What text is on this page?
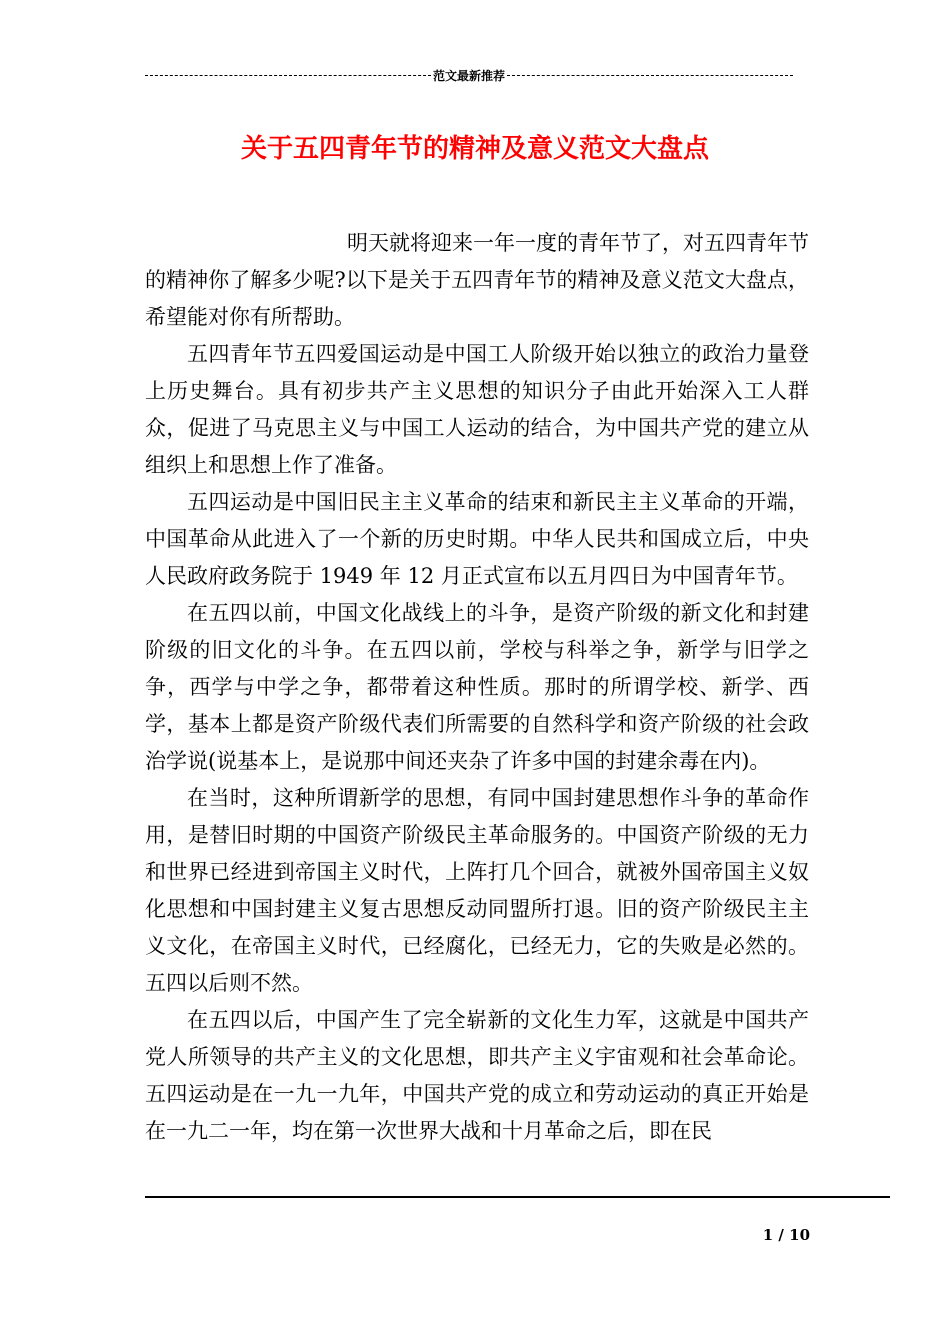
范文最新推荐
关于五四青年节的精神及意义范文大盘点

明天就将迎来一年一度的青年节了，对五四青年节的精神你了解多少呢?以下是关于五四青年节的精神及意义范文大盘点，希望能对你有所帮助。

五四青年节五四爱国运动是中国工人阶级开始以独立的政治力量登上历史舞台。具有初步共产主义思想的知识分子由此开始深入工人群众，促进了马克思主义与中国工人运动的结合，为中国共产党的建立从组织上和思想上作了准备。

五四运动是中国旧民主主义革命的结束和新民主主义革命的开端，中国革命从此进入了一个新的历史时期。中华人民共和国成立后，中央人民政府政务院于 1949 年 12 月正式宣布以五月四日为中国青年节。

在五四以前，中国文化战线上的斗争，是资产阶级的新文化和封建阶级的旧文化的斗争。在五四以前，学校与科举之争，新学与旧学之争，西学与中学之争，都带着这种性质。那时的所谓学校、新学、西学，基本上都是资产阶级代表们所需要的自然科学和资产阶级的社会政治学说(说基本上，是说那中间还夹杂了许多中国的封建余毒在内)。

在当时，这种所谓新学的思想，有同中国封建思想作斗争的革命作用，是替旧时期的中国资产阶级民主革命服务的。中国资产阶级的无力和世界已经进到帝国主义时代，上阵打几个回合，就被外国帝国主义奴化思想和中国封建主义复古思想反动同盟所打退。旧的资产阶级民主主义文化，在帝国主义时代，已经腐化，已经无力，它的失败是必然的。五四以后则不然。

在五四以后，中国产生了完全崭新的文化生力军，这就是中国共产党人所领导的共产主义的文化思想，即共产主义宇宙观和社会革命论。五四运动是在一九一九年，中国共产党的成立和劳动运动的真正开始是在一九二一年，均在第一次世界大战和十月革命之后，即在民

1 / 10
